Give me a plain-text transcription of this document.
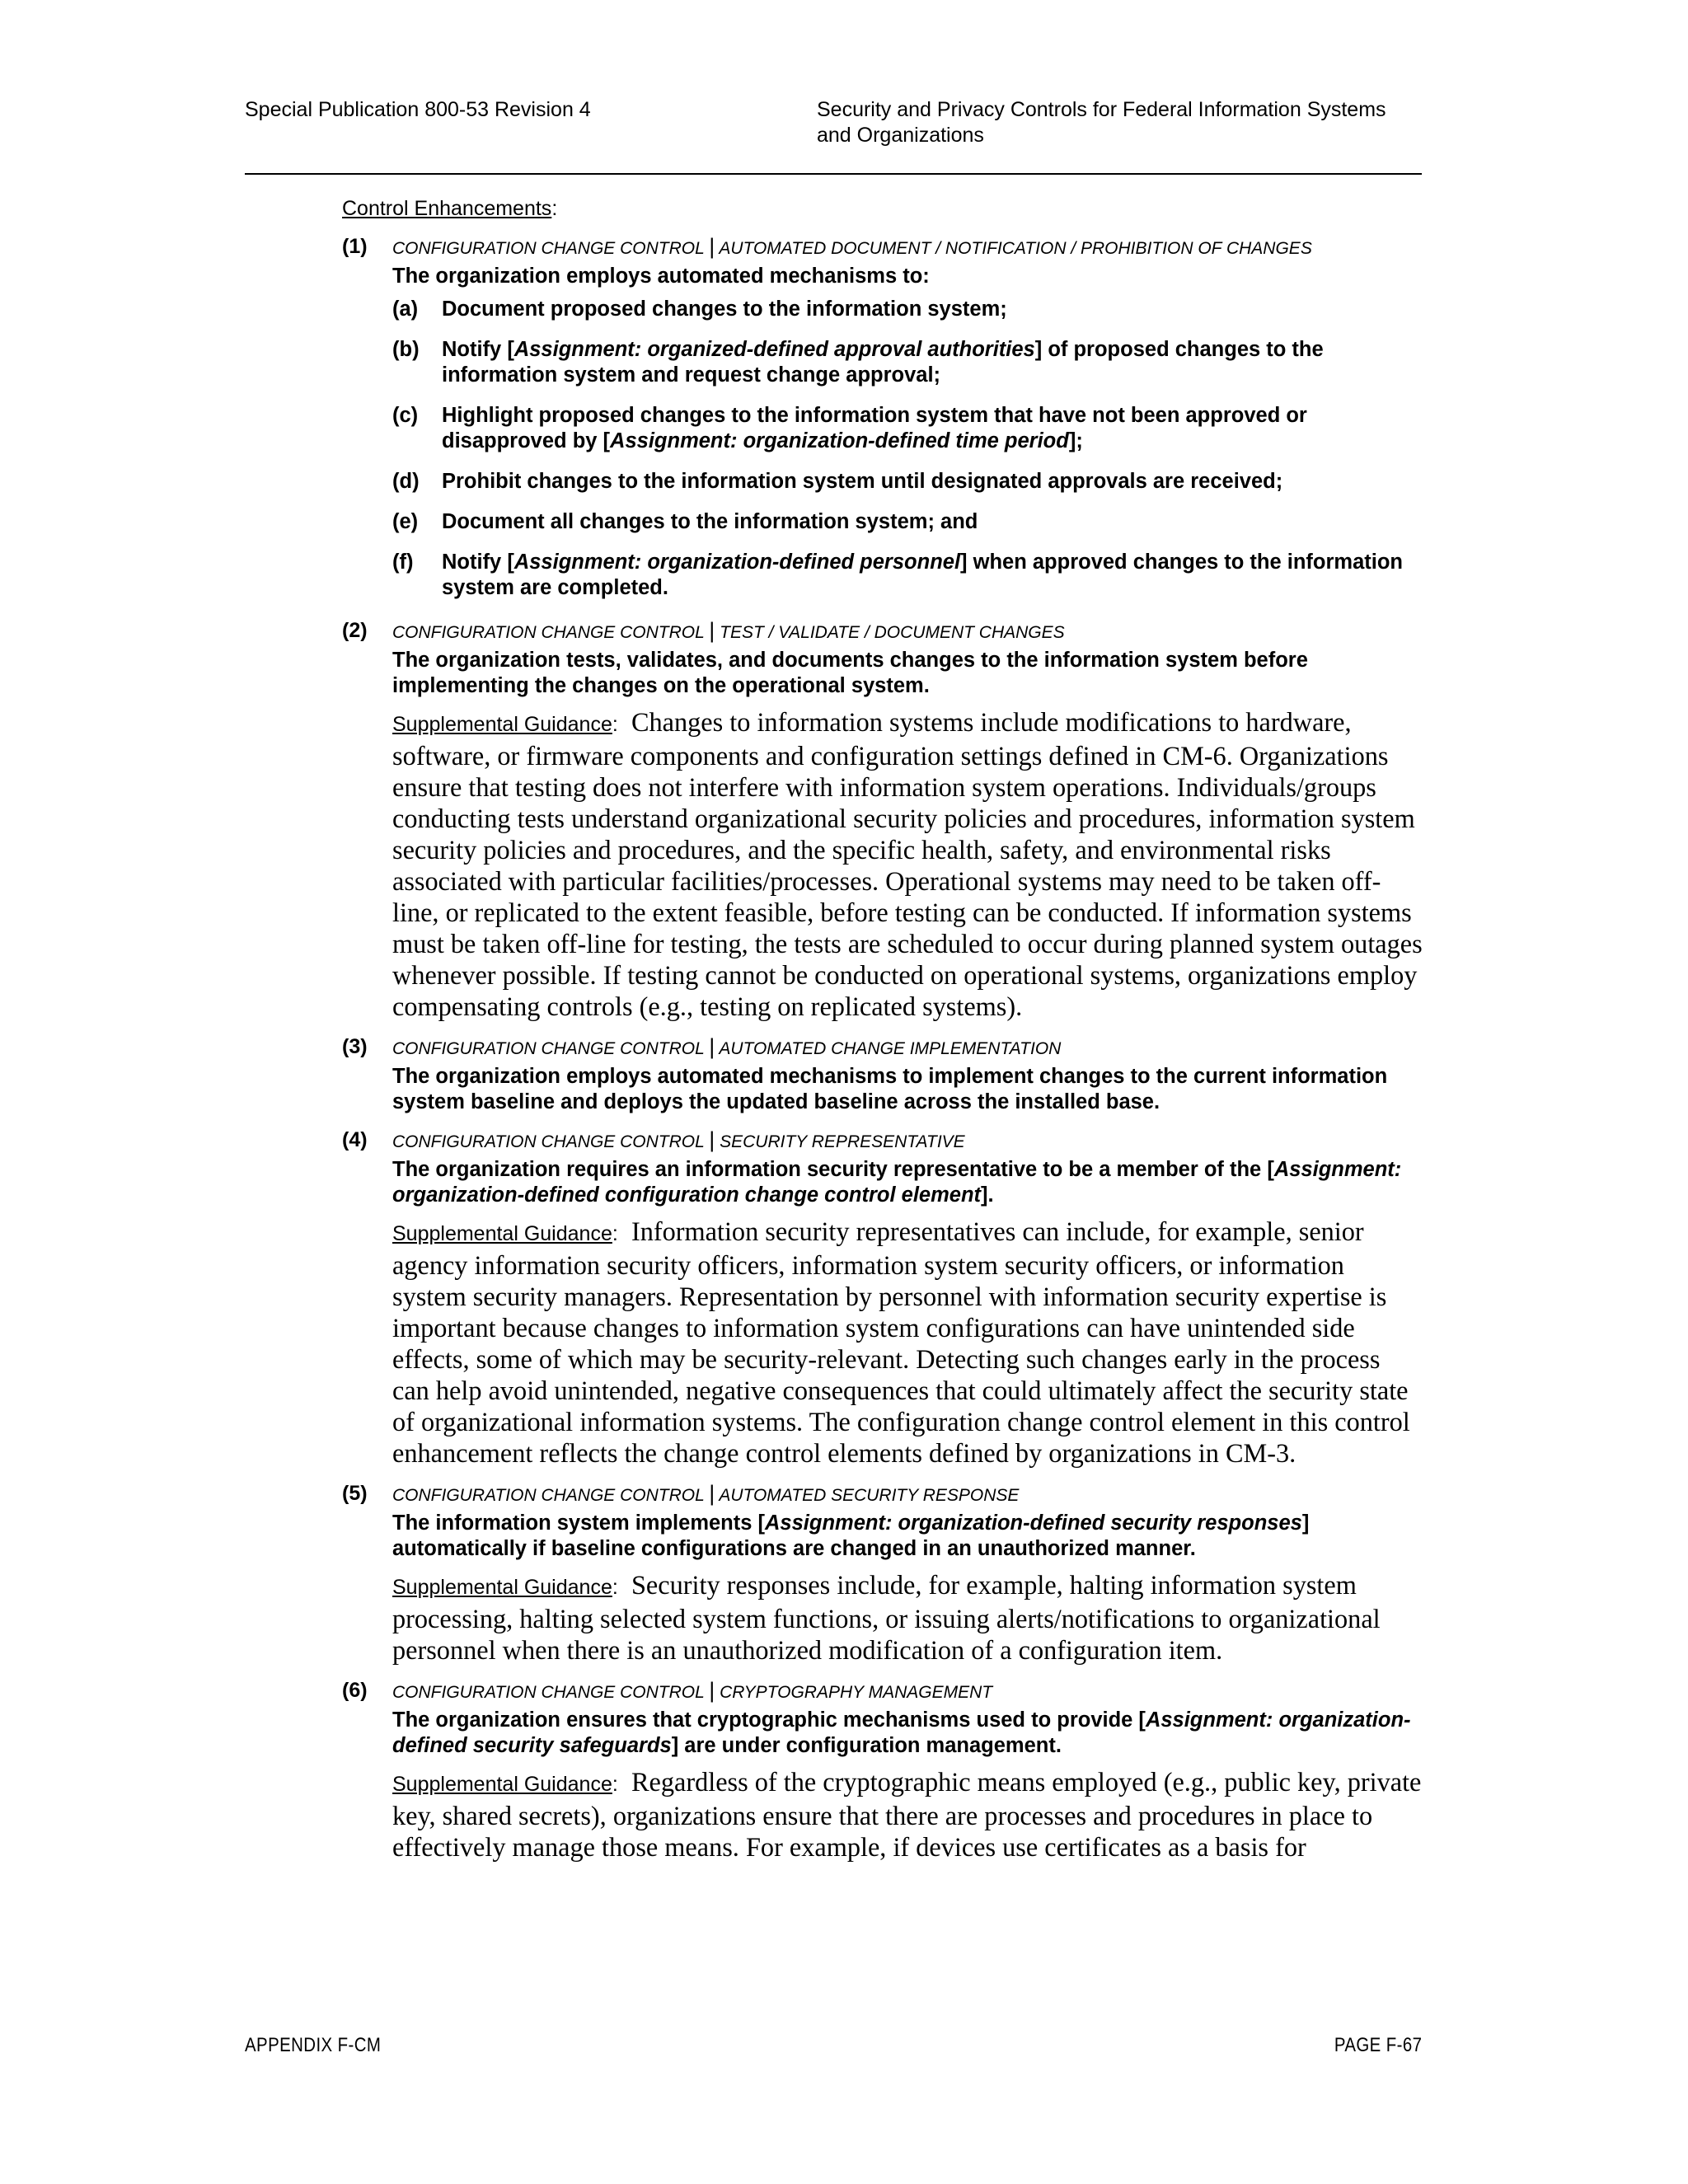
Special Publication 800-53 Revision 4	Security and Privacy Controls for Federal Information Systems
and Organizations
Control Enhancements:
(1) CONFIGURATION CHANGE CONTROL | AUTOMATED DOCUMENT / NOTIFICATION / PROHIBITION OF CHANGES

The organization employs automated mechanisms to:

(a) Document proposed changes to the information system;
(b) Notify [Assignment: organized-defined approval authorities] of proposed changes to the information system and request change approval;
(c) Highlight proposed changes to the information system that have not been approved or disapproved by [Assignment: organization-defined time period];
(d) Prohibit changes to the information system until designated approvals are received;
(e) Document all changes to the information system; and
(f) Notify [Assignment: organization-defined personnel] when approved changes to the information system are completed.
(2) CONFIGURATION CHANGE CONTROL | TEST / VALIDATE / DOCUMENT CHANGES

The organization tests, validates, and documents changes to the information system before implementing the changes on the operational system.

Supplemental Guidance: Changes to information systems include modifications to hardware, software, or firmware components and configuration settings defined in CM-6. Organizations ensure that testing does not interfere with information system operations. Individuals/groups conducting tests understand organizational security policies and procedures, information system security policies and procedures, and the specific health, safety, and environmental risks associated with particular facilities/processes. Operational systems may need to be taken off-line, or replicated to the extent feasible, before testing can be conducted. If information systems must be taken off-line for testing, the tests are scheduled to occur during planned system outages whenever possible. If testing cannot be conducted on operational systems, organizations employ compensating controls (e.g., testing on replicated systems).

(3) CONFIGURATION CHANGE CONTROL | AUTOMATED CHANGE IMPLEMENTATION

The organization employs automated mechanisms to implement changes to the current information system baseline and deploys the updated baseline across the installed base.

(4) CONFIGURATION CHANGE CONTROL | SECURITY REPRESENTATIVE

The organization requires an information security representative to be a member of the [Assignment: organization-defined configuration change control element].

Supplemental Guidance: Information security representatives can include, for example, senior agency information security officers, information system security officers, or information system security managers. Representation by personnel with information security expertise is important because changes to information system configurations can have unintended side effects, some of which may be security-relevant. Detecting such changes early in the process can help avoid unintended, negative consequences that could ultimately affect the security state of organizational information systems. The configuration change control element in this control enhancement reflects the change control elements defined by organizations in CM-3.

(5) CONFIGURATION CHANGE CONTROL | AUTOMATED SECURITY RESPONSE

The information system implements [Assignment: organization-defined security responses] automatically if baseline configurations are changed in an unauthorized manner.

Supplemental Guidance: Security responses include, for example, halting information system processing, halting selected system functions, or issuing alerts/notifications to organizational personnel when there is an unauthorized modification of a configuration item.

(6) CONFIGURATION CHANGE CONTROL | CRYPTOGRAPHY MANAGEMENT

The organization ensures that cryptographic mechanisms used to provide [Assignment: organization-defined security safeguards] are under configuration management.

Supplemental Guidance: Regardless of the cryptographic means employed (e.g., public key, private key, shared secrets), organizations ensure that there are processes and procedures in place to effectively manage those means. For example, if devices use certificates as a basis for

APPENDIX F-CM	PAGE F-67
